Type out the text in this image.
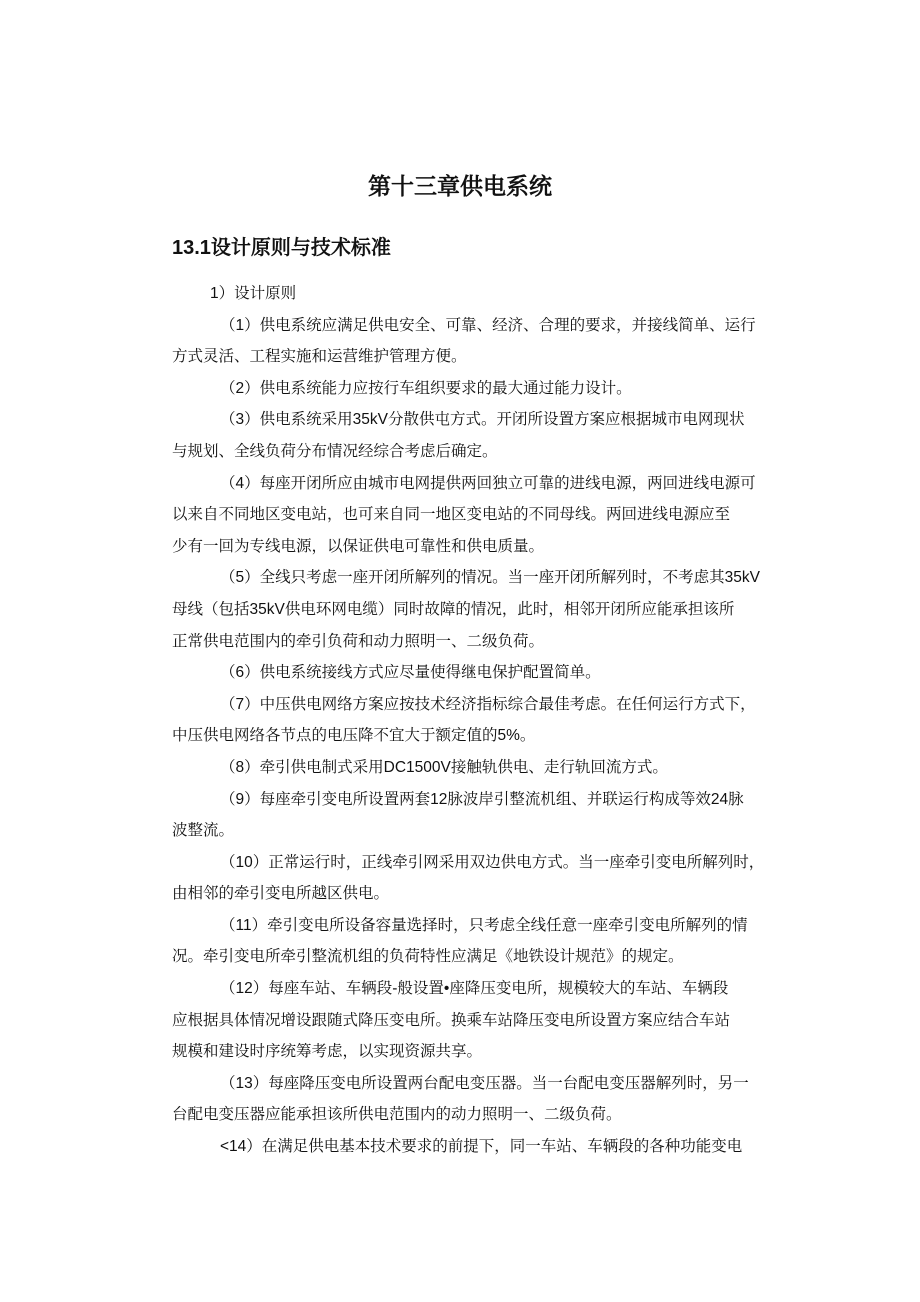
第十三章供电系统
13.1设计原则与技术标准
1）设计原则
（1）供电系统应满足供电安全、可靠、经济、合理的要求，并接线简单、运行
方式灵活、工程实施和运营维护管理方便。
（2）供电系统能力应按行车组织要求的最大通过能力设计。
（3）供电系统采用35kV分散供屯方式。开闭所设置方案应根据城市电网现状
与规划、全线负荷分布情况经综合考虑后确定。
（4）每座开闭所应由城市电网提供两回独立可靠的进线电源，两回进线电源可
以来自不同地区变电站，也可来自同一地区变电站的不同母线。两回进线电源应至
少有一回为专线电源，以保证供电可靠性和供电质量。
（5）全线只考虑一座开闭所解列的情况。当一座开闭所解列时，不考虑其35kV
母线（包括35kV供电环网电缆）同时故障的情况，此时，相邻开闭所应能承担该所
正常供电范围内的牵引负荷和动力照明一、二级负荷。
（6）供电系统接线方式应尽量使得继电保护配置简单。
（7）中压供电网络方案应按技术经济指标综合最佳考虑。在任何运行方式下，
中压供电网络各节点的电压降不宜大于额定值的5%。
（8）牵引供电制式采用DC1500V接触轨供电、走行轨回流方式。
（9）每座牵引变电所设置两套12脉波岸引整流机组、并联运行构成等效24脉
波整流。
（10）正常运行时，正线牵引网采用双边供电方式。当一座牵引变电所解列时，
由相邻的牵引变电所越区供电。
（11）牵引变电所设备容量选择时，只考虑全线任意一座牵引变电所解列的情
况。牵引变电所牵引整流机组的负荷特性应满足《地铁设计规范》的规定。
（12）每座车站、车辆段-般设置•座降压变电所，规模较大的车站、车辆段
应根据具体情况增设跟随式降压变电所。换乘车站降压变电所设置方案应结合车站
规模和建设时序统筹考虑，以实现资源共享。
（13）每座降压变电所设置两台配电变压器。当一台配电变压器解列时，另一
台配电变压器应能承担该所供电范围内的动力照明一、二级负荷。
<14）在满足供电基本技术要求的前提下，同一车站、车辆段的各种功能变电
